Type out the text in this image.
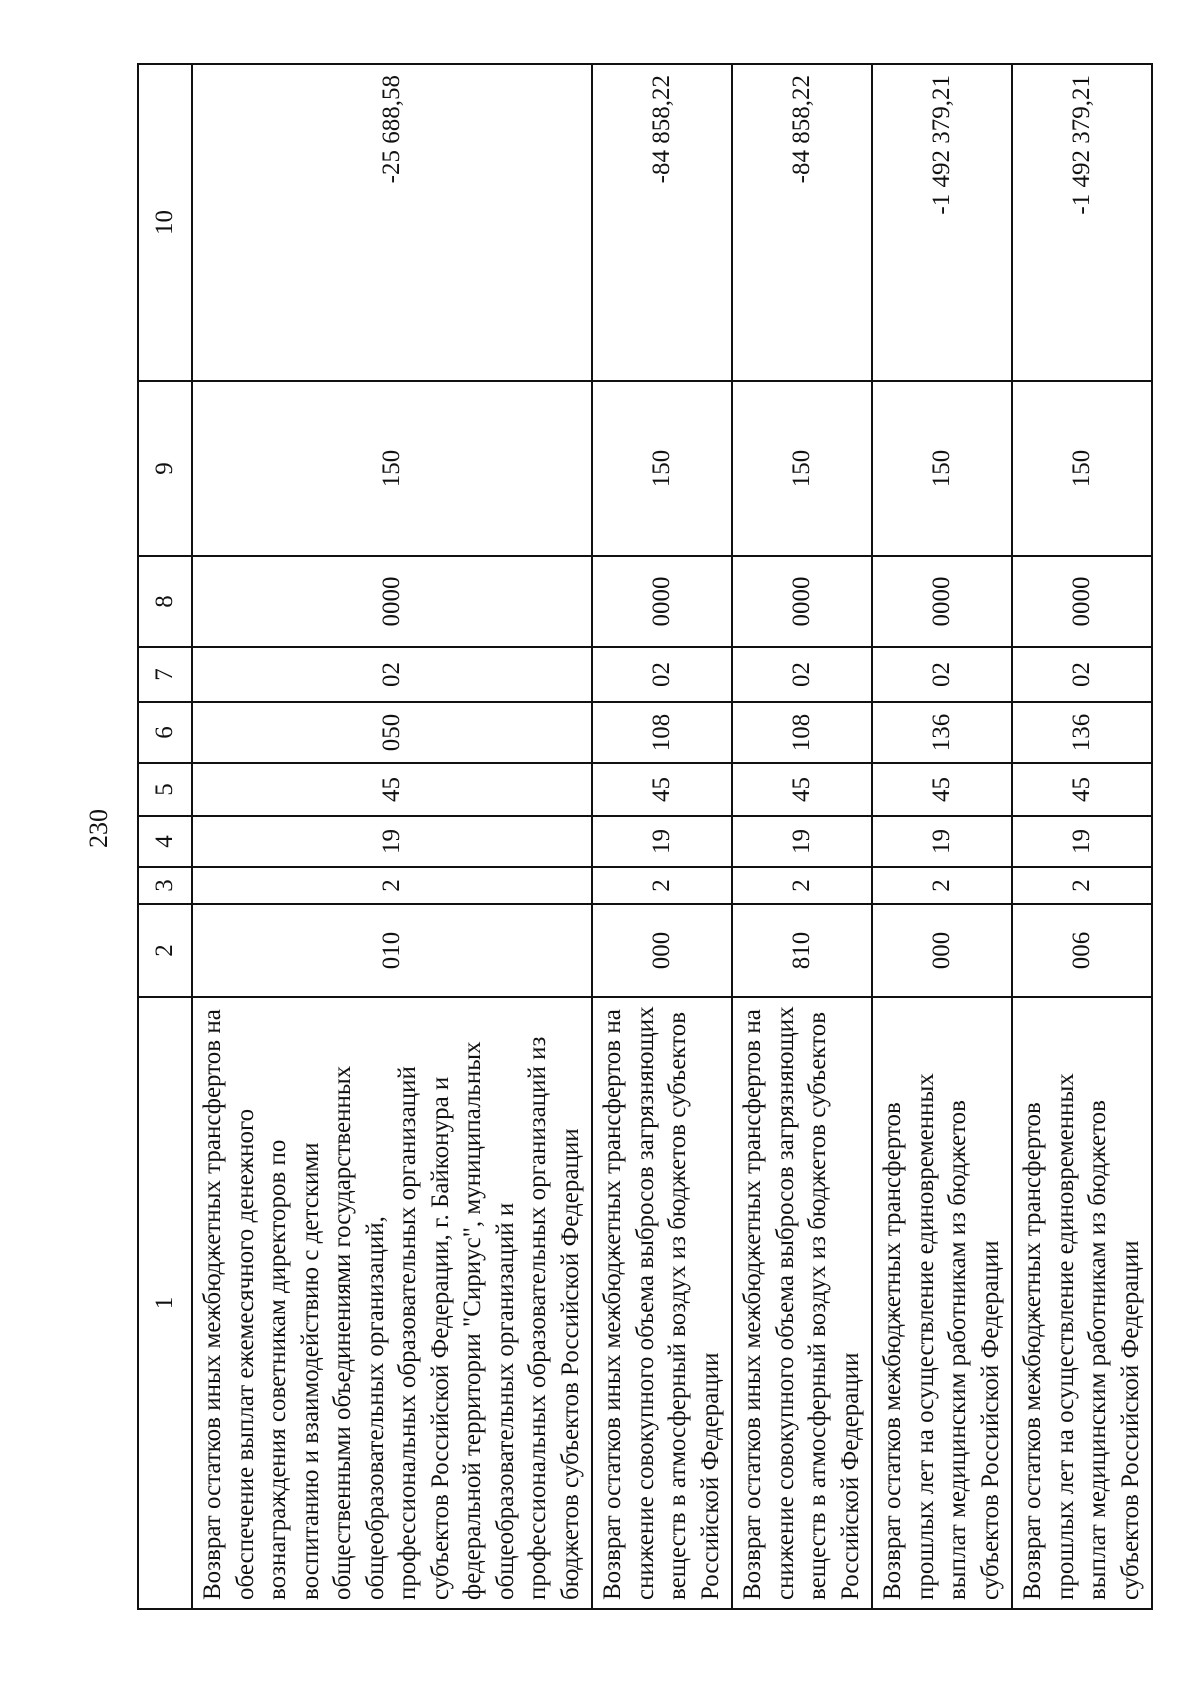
230
1	2	3	4	5	6	7	8	9	10
Возврат остатков иных межбюджетных трансфертов на обеспечение выплат ежемесячного денежного вознаграждения советникам директоров по воспитанию и взаимодействию с детскими общественными объединениями государственных общеобразовательных организаций, профессиональных образовательных организаций субъектов Российской Федерации, г. Байконура и федеральной территории "Сириус", муниципальных общеобразовательных организаций и профессиональных образовательных организаций из бюджетов субъектов Российской Федерации	010	2	19	45	050	02	0000	150	-25 688,58
Возврат остатков иных межбюджетных трансфертов на снижение совокупного объема выбросов загрязняющих веществ в атмосферный воздух из бюджетов субъектов Российской Федерации	000	2	19	45	108	02	0000	150	-84 858,22
Возврат остатков иных межбюджетных трансфертов на снижение совокупного объема выбросов загрязняющих веществ в атмосферный воздух из бюджетов субъектов Российской Федерации	810	2	19	45	108	02	0000	150	-84 858,22
Возврат остатков межбюджетных трансфертов прошлых лет на осуществление единовременных выплат медицинским работникам из бюджетов субъектов Российской Федерации	000	2	19	45	136	02	0000	150	-1 492 379,21
Возврат остатков межбюджетных трансфертов прошлых лет на осуществление единовременных выплат медицинским работникам из бюджетов субъектов Российской Федерации	006	2	19	45	136	02	0000	150	-1 492 379,21
